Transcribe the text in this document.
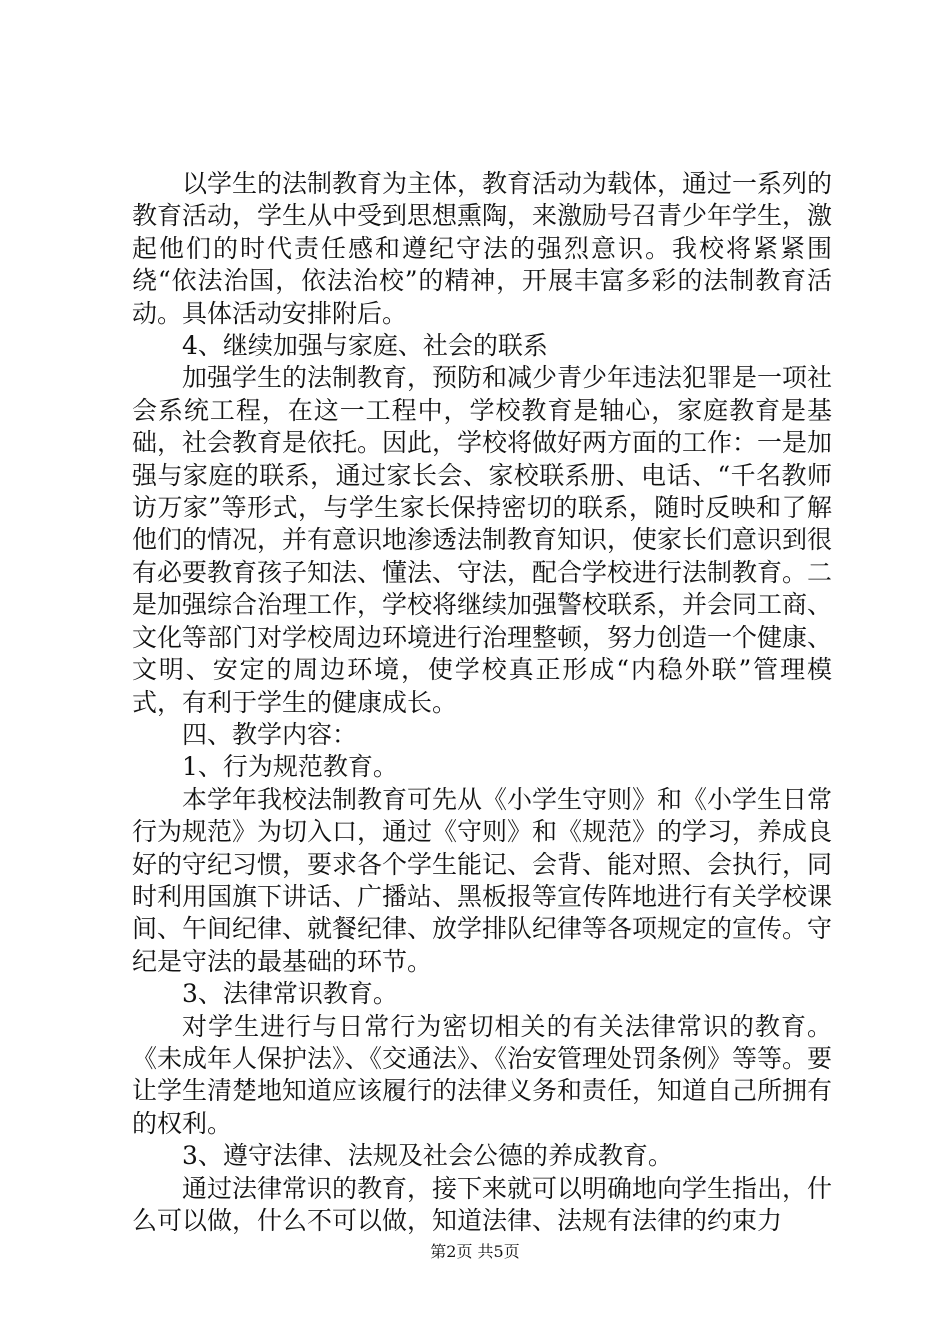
以学生的法制教育为主体，教育活动为载体，通过一系列的教育活动，学生从中受到思想熏陶，来激励号召青少年学生，激起他们的时代责任感和遵纪守法的强烈意识。我校将紧紧围绕“依法治国，依法治校”的精神，开展丰富多彩的法制教育活动。具体活动安排附后。

4、继续加强与家庭、社会的联系

加强学生的法制教育，预防和减少青少年违法犯罪是一项社会系统工程，在这一工程中，学校教育是轴心，家庭教育是基础，社会教育是依托。因此，学校将做好两方面的工作：一是加强与家庭的联系，通过家长会、家校联系册、电话、“千名教师访万家”等形式，与学生家长保持密切的联系，随时反映和了解他们的情况，并有意识地渗透法制教育知识，使家长们意识到很有必要教育孩子知法、懂法、守法，配合学校进行法制教育。二是加强综合治理工作，学校将继续加强警校联系，并会同工商、文化等部门对学校周边环境进行治理整顿，努力创造一个健康、文明、安定的周边环境，使学校真正形成“内稳外联”管理模式，有利于学生的健康成长。

四、教学内容：

1、行为规范教育。

本学年我校法制教育可先从《小学生守则》和《小学生日常行为规范》为切入口，通过《守则》和《规范》的学习，养成良好的守纪习惯，要求各个学生能记、会背、能对照、会执行，同时利用国旗下讲话、广播站、黑板报等宣传阵地进行有关学校课间、午间纪律、就餐纪律、放学排队纪律等各项规定的宣传。守纪是守法的最基础的环节。

3、法律常识教育。

对学生进行与日常行为密切相关的有关法律常识的教育。《未成年人保护法》、《交通法》、《治安管理处罚条例》等等。要让学生清楚地知道应该履行的法律义务和责任，知道自己所拥有的权利。

3、遵守法律、法规及社会公德的养成教育。

通过法律常识的教育，接下来就可以明确地向学生指出，什么可以做，什么不可以做，知道法律、法规有法律的约束力

第2页 共5页
